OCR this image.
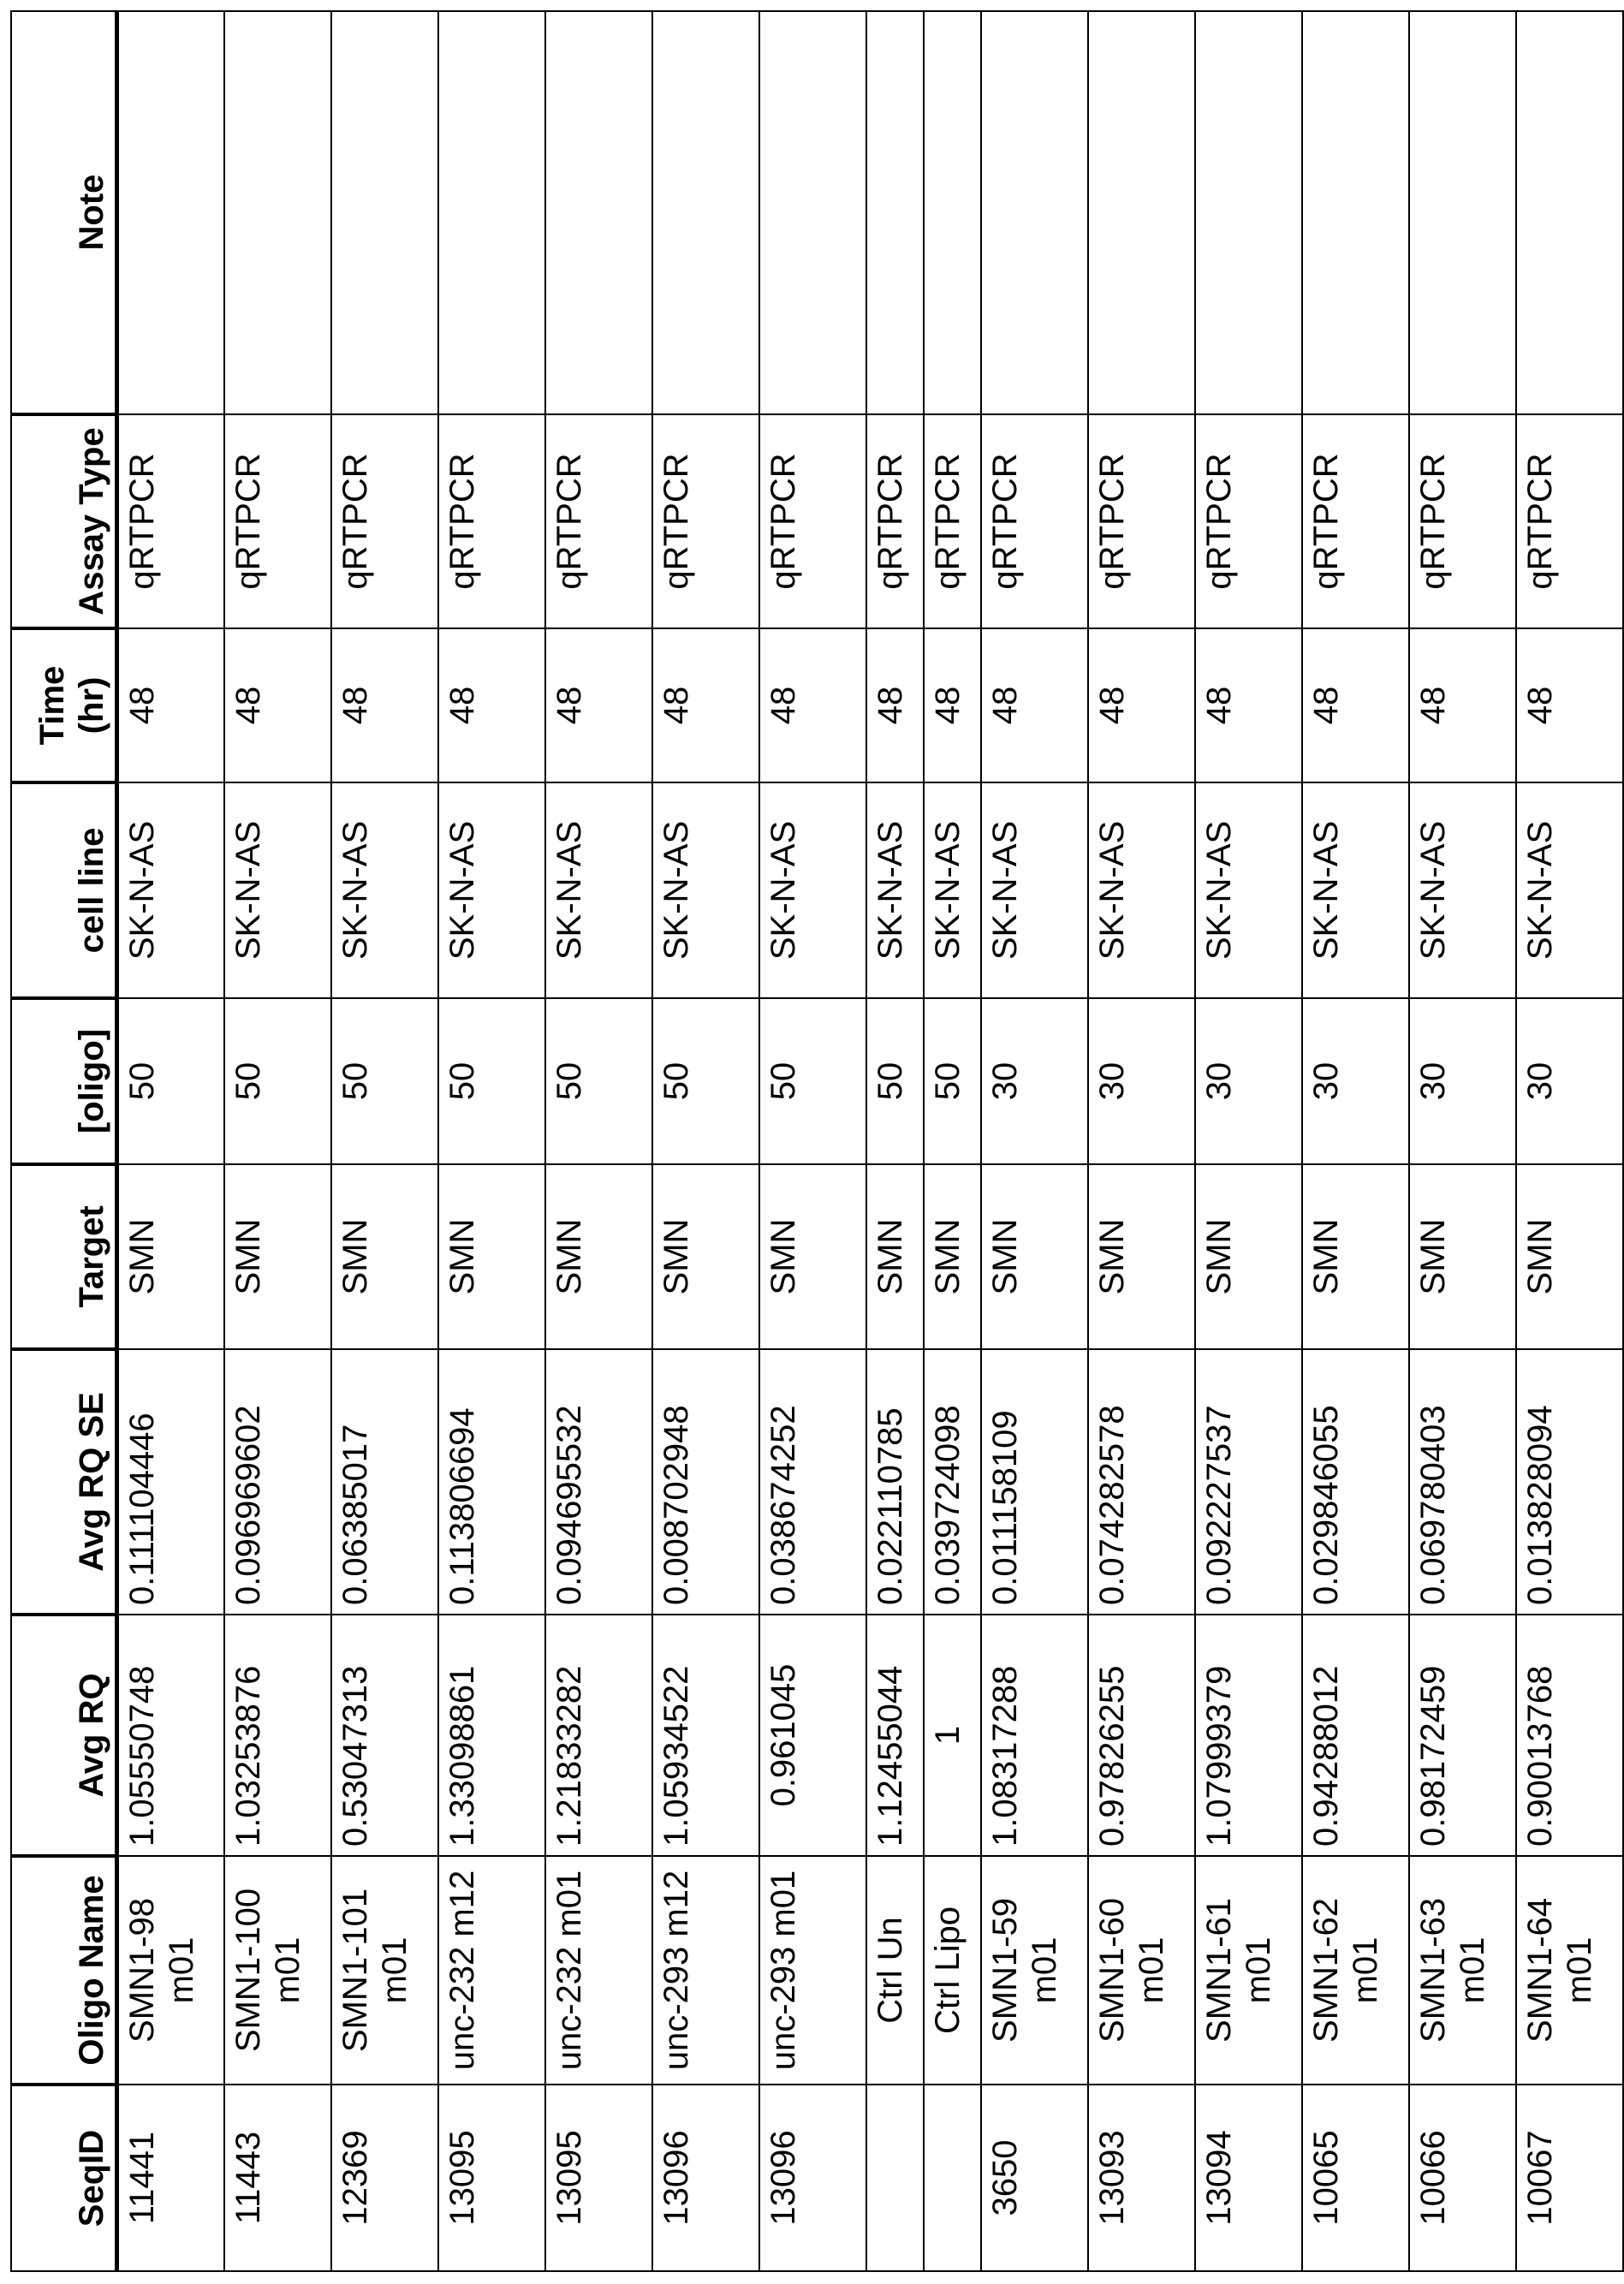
SeqID	Oligo Name	Avg RQ	Avg RQ SE	Target	[oligo]	cell line	Time (hr)	Assay Type	Note
11441	SMN1-98 m01	1.05550748	0.111104446	SMN	50	SK-N-AS	48	qRTPCR	
11443	SMN1-100 m01	1.03253876	0.096969602	SMN	50	SK-N-AS	48	qRTPCR	
12369	SMN1-101 m01	0.53047313	0.06385017	SMN	50	SK-N-AS	48	qRTPCR	
13095	unc-232 m12	1.33098861	0.113806694	SMN	50	SK-N-AS	48	qRTPCR	
13095	unc-232 m01	1.21833282	0.094695532	SMN	50	SK-N-AS	48	qRTPCR	
13096	unc-293 m12	1.05934522	0.008702948	SMN	50	SK-N-AS	48	qRTPCR	
13096	unc-293 m01	0.961045	0.038674252	SMN	50	SK-N-AS	48	qRTPCR	
	Ctrl Un	1.12455044	0.022110785	SMN	50	SK-N-AS	48	qRTPCR	
	Ctrl Lipo	1	0.039724098	SMN	50	SK-N-AS	48	qRTPCR	
3650	SMN1-59 m01	1.08317288	0.011158109	SMN	30	SK-N-AS	48	qRTPCR	
13093	SMN1-60 m01	0.97826255	0.074282578	SMN	30	SK-N-AS	48	qRTPCR	
13094	SMN1-61 m01	1.07999379	0.092227537	SMN	30	SK-N-AS	48	qRTPCR	
10065	SMN1-62 m01	0.94288012	0.029846055	SMN	30	SK-N-AS	48	qRTPCR	
10066	SMN1-63 m01	0.98172459	0.069780403	SMN	30	SK-N-AS	48	qRTPCR	
10067	SMN1-64 m01	0.90013768	0.013828094	SMN	30	SK-N-AS	48	qRTPCR	
